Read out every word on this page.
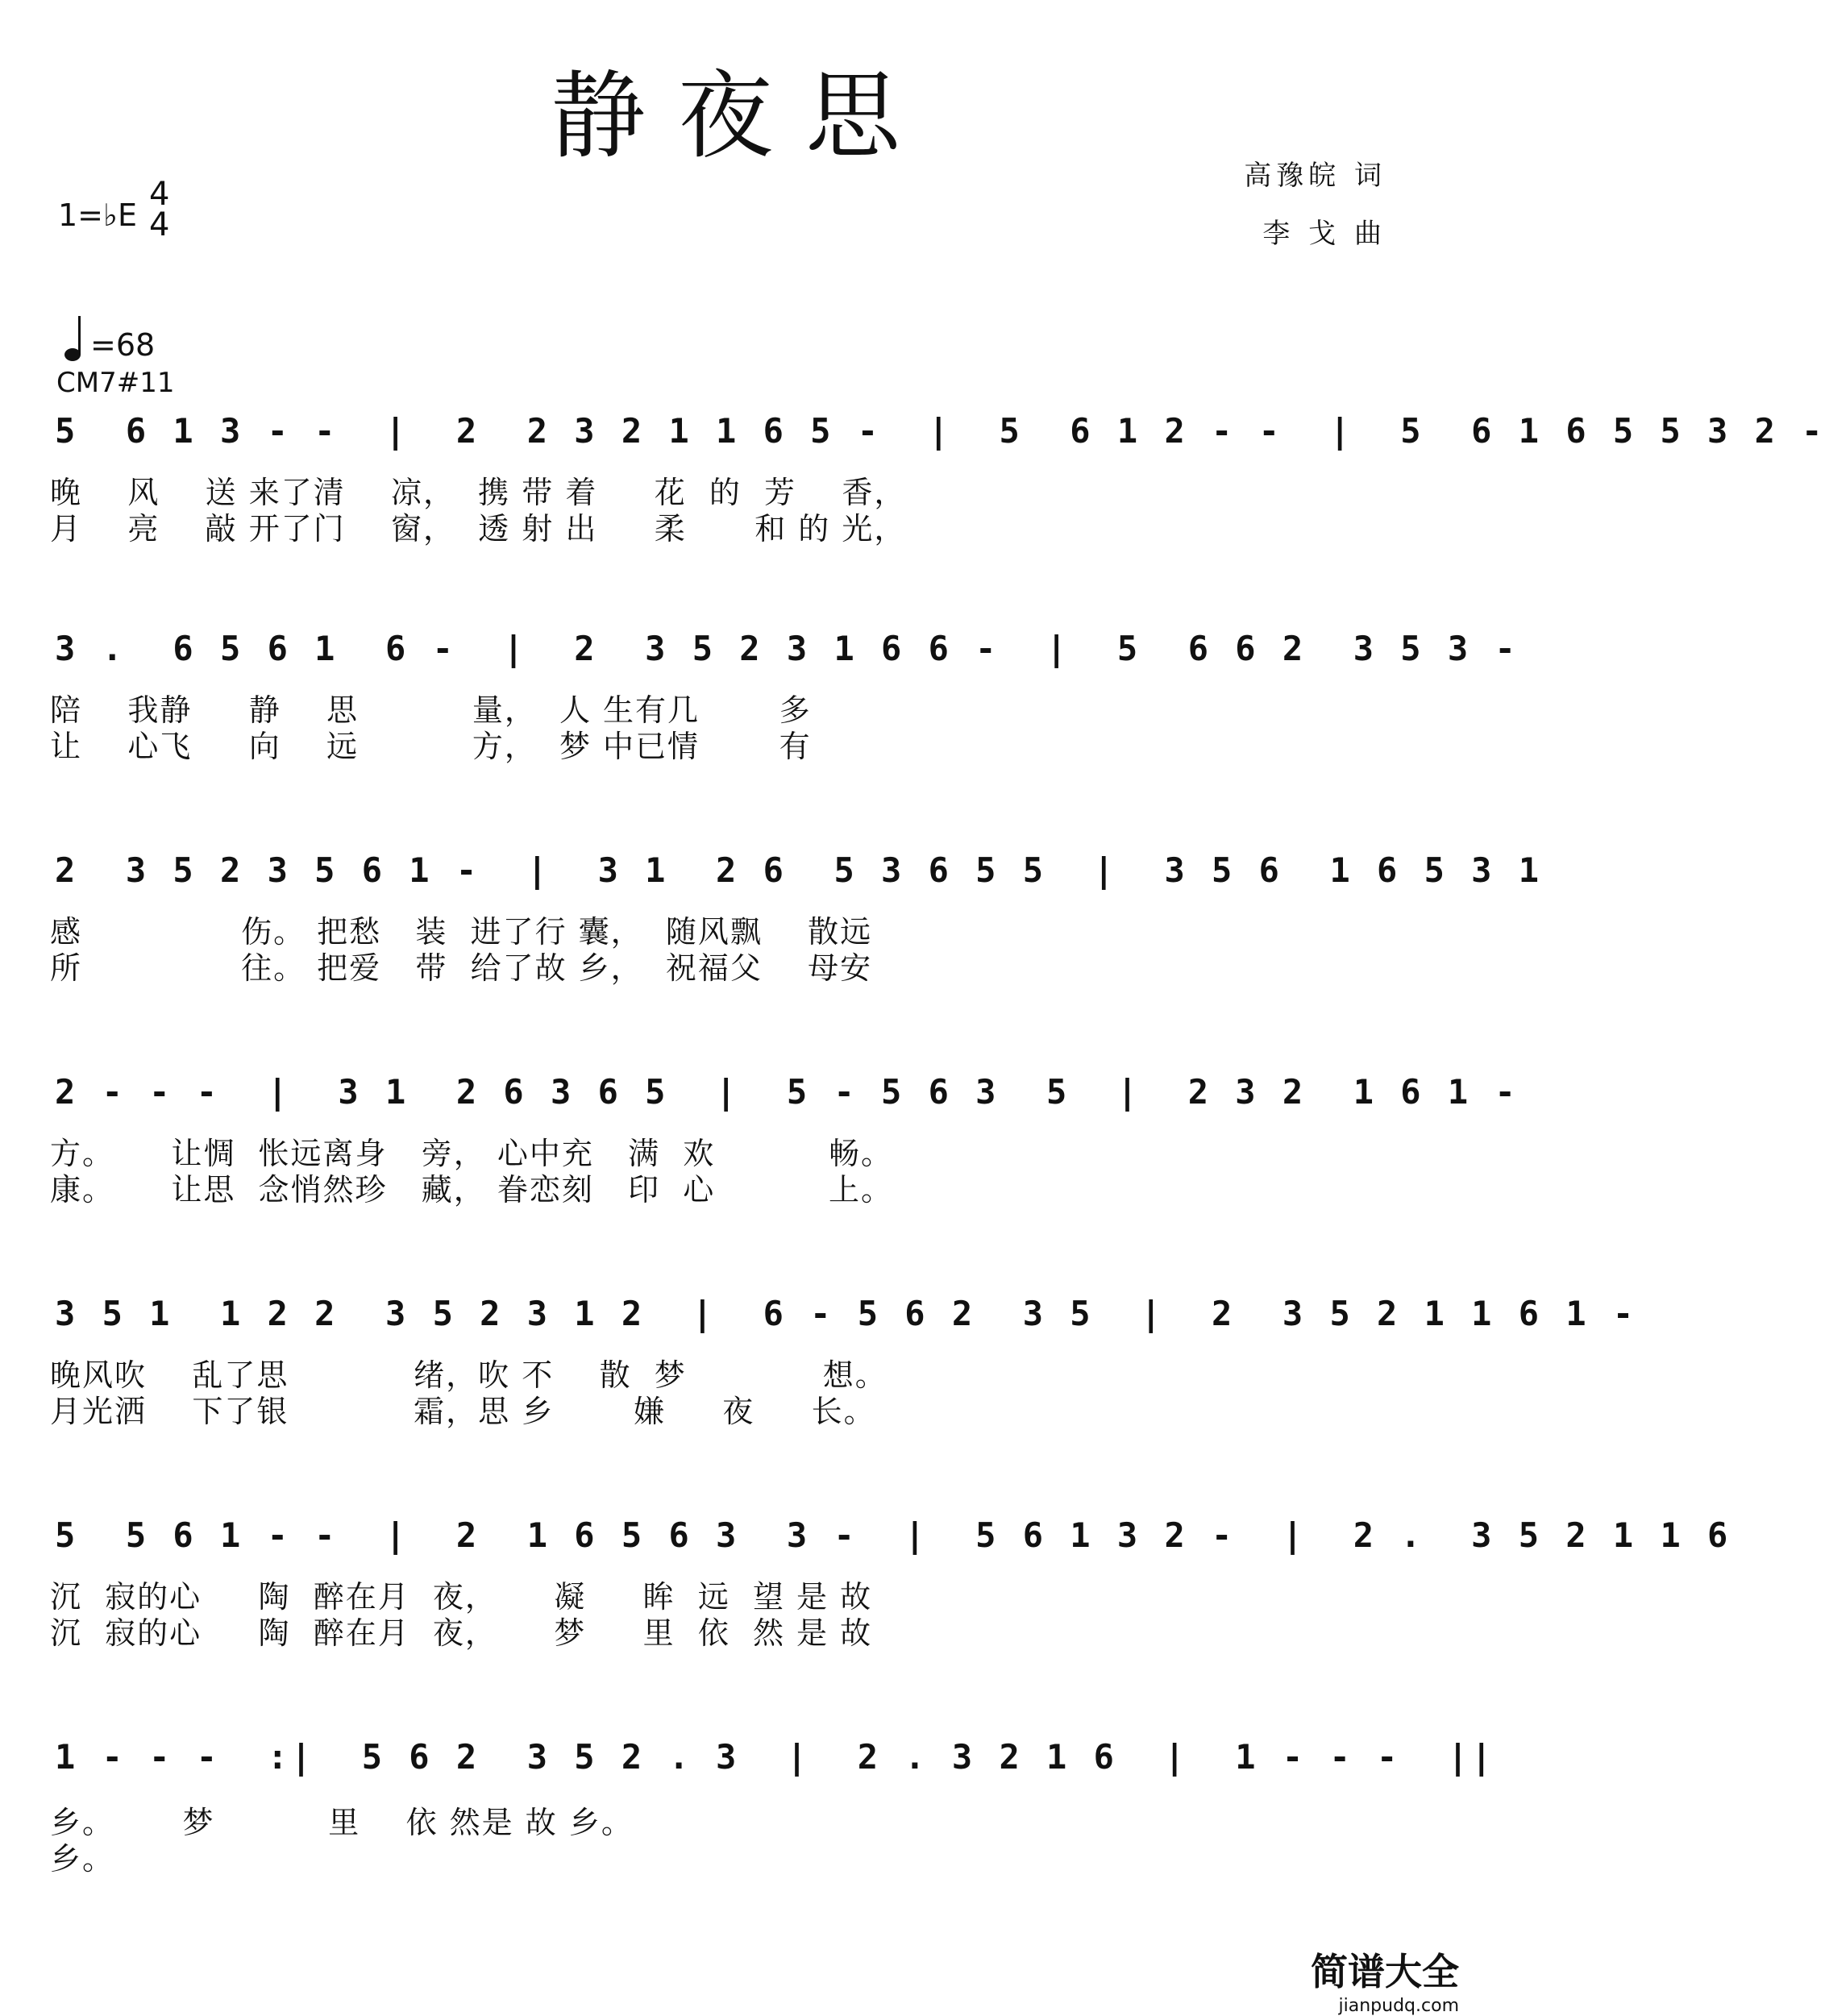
静夜思
高豫皖 词
李 戈 曲
1=♭E
4
4
=68
CM7#11
5  6 1 3 - -  |  2  2 3 2 1 1 6 5 -  |  5  6 1 2 - -  |  5  6 1 6 5 5 3 2 -
晚    风    送 来了清    凉，  携 带 着     花  的  芳    香，
月    亮    敲 开了门    窗，  透 射 出     柔      和 的 光，
3 .  6 5 6 1  6 -  |  2  3 5 2 3 1 6 6 -  |  5  6 6 2  3 5 3 -
陪    我静     静    思          量，  人 生有几       多
让    心飞     向    远          方，  梦 中已情       有
2  3 5 2 3 5 6 1 -  |  3 1  2 6  5 3 6 5 5  |  3 5 6  1 6 5 3 1
感              伤。 把愁   装  进了行 囊，  随风飘    散远
所              往。 把爱   带  给了故 乡，  祝福父    母安
2 - - -  |  3 1  2 6 3 6 5  |  5 - 5 6 3  5  |  2 3 2  1 6 1 -
方。     让惆  怅远离身   旁， 心中充   满  欢          畅。
康。     让思  念悄然珍   藏， 眷恋刻   印  心          上。
3 5 1  1 2 2  3 5 2 3 1 2  |  6 - 5 6 2  3 5  |  2  3 5 2 1 1 6 1 -
晚风吹    乱了思           绪，吹 不    散  梦            想。
月光洒    下了银           霜，思 乡       嫌     夜     长。
5  5 6 1 - -  |  2  1 6 5 6 3  3 -  |  5 6 1 3 2 -  |  2 .  3 5 2 1 1 6
沉  寂的心     陶  醉在月  夜，     凝     眸  远  望 是 故
沉  寂的心     陶  醉在月  夜，     梦     里  依  然 是 故
1 - - -  :|  5 6 2  3 5 2 . 3  |  2 . 3 2 1 6  |  1 - - -  ||
乡。      梦          里    依 然是 故 乡。
乡。
简谱大全
jianpudq.com
